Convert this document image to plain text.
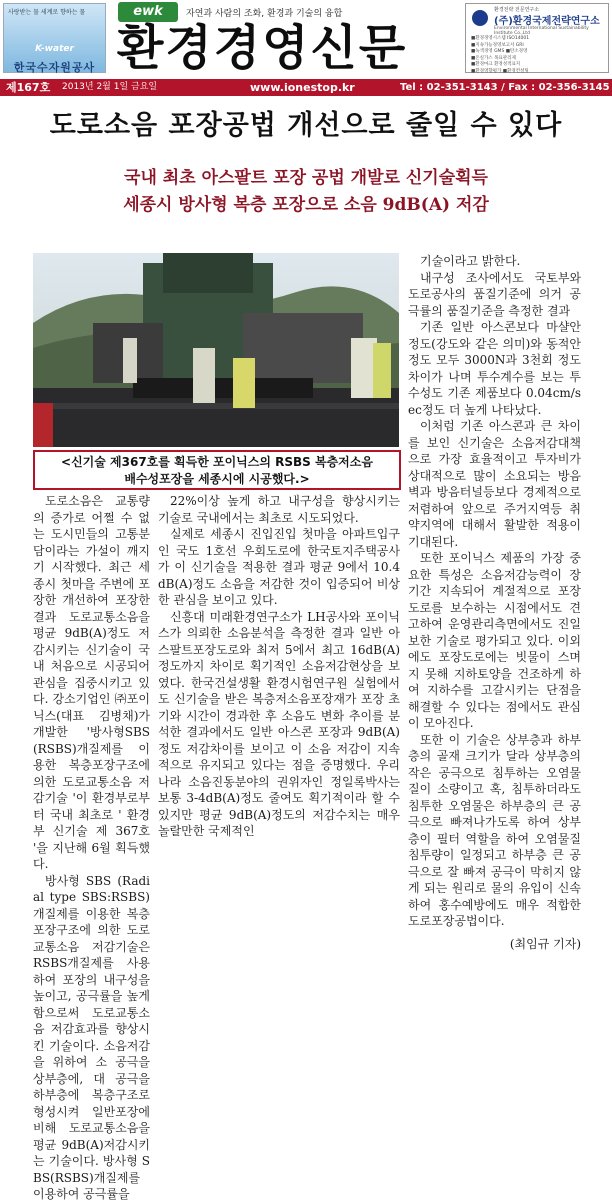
사랑받는 물 세계로 향하는 물
K-water
한국수자원공사
ewk	자연과 사람의 조화, 환경과 기술의 융합
환경경영신문
환경전략 전문연구소
(주)환경국제전략연구소
Environmental International Sustainability Institute Co.,Ltd
■환경경영시스템 ISO14001
■지속가능경영보고서 GRI
■녹색경영 GMS ■탄소경영
■온실가스 목표관리제
■환경마크 환경성적표지
■환경영향평가 ■환경컨설팅
제167호 2013년 2월 1일 금요일	www.ionestop.kr	Tel : 02-351-3143 / Fax : 02-356-3145
도로소음 포장공법 개선으로 줄일 수 있다
국내 최초 아스팔트 포장 공법 개발로 신기술획득
세종시 방사형 복층 포장으로 소음 9dB(A) 저감
<신기술 제367호를 획득한 포이닉스의 RSBS 복층저소음
배수성포장을 세종시에 시공했다.>

도로소음은 교통량의 증가로 어쩔 수 없는 도시민들의 고통분담이라는 가설이 깨지기 시작했다. 최근 세종시 첫마을 주변에 포장한 개선하여 포장한 결과 도로교통소음을 평균 9dB(A)정도 저감시키는 신기술이 국내 처음으로 시공되어 관심을 집중시키고 있다. 강소기업인 ㈜포이닉스(대표 김병채)가 개발한 '방사형SBS (RSBS)개질제를 이용한 복층포장구조에 의한 도로교통소음 저감기술 '이 환경부로부터 국내 최초로 ' 환경부 신기술 제 367호 '을 지난해 6월 획득했다.

방사형 SBS (Radial type SBS:RSBS)개질제를 이용한 복층 포장구조에 의한 도로교통소음 저감기술은 RSBS개질제를 사용하여 포장의 내구성을 높이고, 공극률을 높게 함으로써 도로교통소음 저감효과를 향상시킨 기술이다. 소음저감을 위하여 소 공극을 상부층에, 대 공극을 하부층에 복층구조로 형성시켜 일반포장에 비해 도로교통소음을 평균 9dB(A)저감시키는 기술이다. 방사형 SBS(RSBS)개질제를 이용하여 공극률을

22%이상 높게 하고 내구성을 향상시키는 기술로 국내에서는 최초로 시도되었다.

실제로 세종시 진입진입 첫마을 아파트입구인 국도 1호선 우회도로에 한국토지주택공사가 이 신기술을 적용한 결과 평균 9에서 10.4dB(A)정도 소음을 저감한 것이 입증되어 비상한 관심을 보이고 있다.

신흥대 미래환경연구소가 LH공사와 포이닉스가 의뢰한 소음분석을 측정한 결과 일반 아스팔트포장도로와 최저 5에서 최고 16dB(A)정도까지 차이로 획기적인 소음저감현상을 보였다. 한국건설생활 환경시험연구원 실험에서도 신기술을 받은 복층저소음포장재가 포장 초기와 시간이 경과한 후 소음도 변화 추이를 분석한 결과에서도 일반 아스콘 포장과 9dB(A)정도 저감차이를 보이고 이 소음 저감이 지속적으로 유지되고 있다는 점을 증명했다. 우리나라 소음진동분야의 권위자인 정일록박사는 보통 3-4dB(A)정도 줄여도 획기적이라 할 수 있지만 평균 9dB(A)정도의 저감수치는 매우 놀랄만한 국제적인

기술이라고 밝한다.

내구성 조사에서도 국토부와 도로공사의 품질기준에 의거 공극률의 품질기준을 측정한 결과

기존 일반 아스콘보다 마샬안정도(강도와 같은 의미)와 동적안정도 모두 3000N과 3천회 정도 차이가 나며 투수계수를 보는 투수성도 기존 제품보다 0.04cm/sec정도 더 높게 나타났다.

이처럼 기존 아스콘과 큰 차이를 보인 신기술은 소음저감대책으로 가장 효율적이고 투자비가 상대적으로 많이 소요되는 방음벽과 방음터널등보다 경제적으로 저렴하여 앞으로 주거지역등 취약지역에 대해서 활발한 적용이 기대된다.

또한 포이닉스 제품의 가장 중요한 특성은 소음저감능력이 장기간 지속되어 계절적으로 포장도로를 보수하는 시점에서도 견고하여 운영관리측면에서도 진일보한 기술로 평가되고 있다. 이외에도 포장도로에는 빗물이 스며지 못해 지하토양을 건조하게 하여 지하수를 고갈시키는 단점을 해결할 수 있다는 점에서도 관심이 모아진다.

또한 이 기술은 상부층과 하부층의 골재 크기가 달라 상부층의 작은 공극으로 침투하는 오염물질이 소량이고 혹, 침투하더라도 침투한 오염물은 하부층의 큰 공극으로 빠져나가도록 하여 상부층이 필터 역할을 하여 오염물질 침투량이 일정되고 하부층 큰 공극으로 잘 빠져 공극이 막히지 않게 되는 원리로 물의 유입이 신속하여 홍수예방에도 매우 적합한 도로포장공법이다.

(최임규 기자)
